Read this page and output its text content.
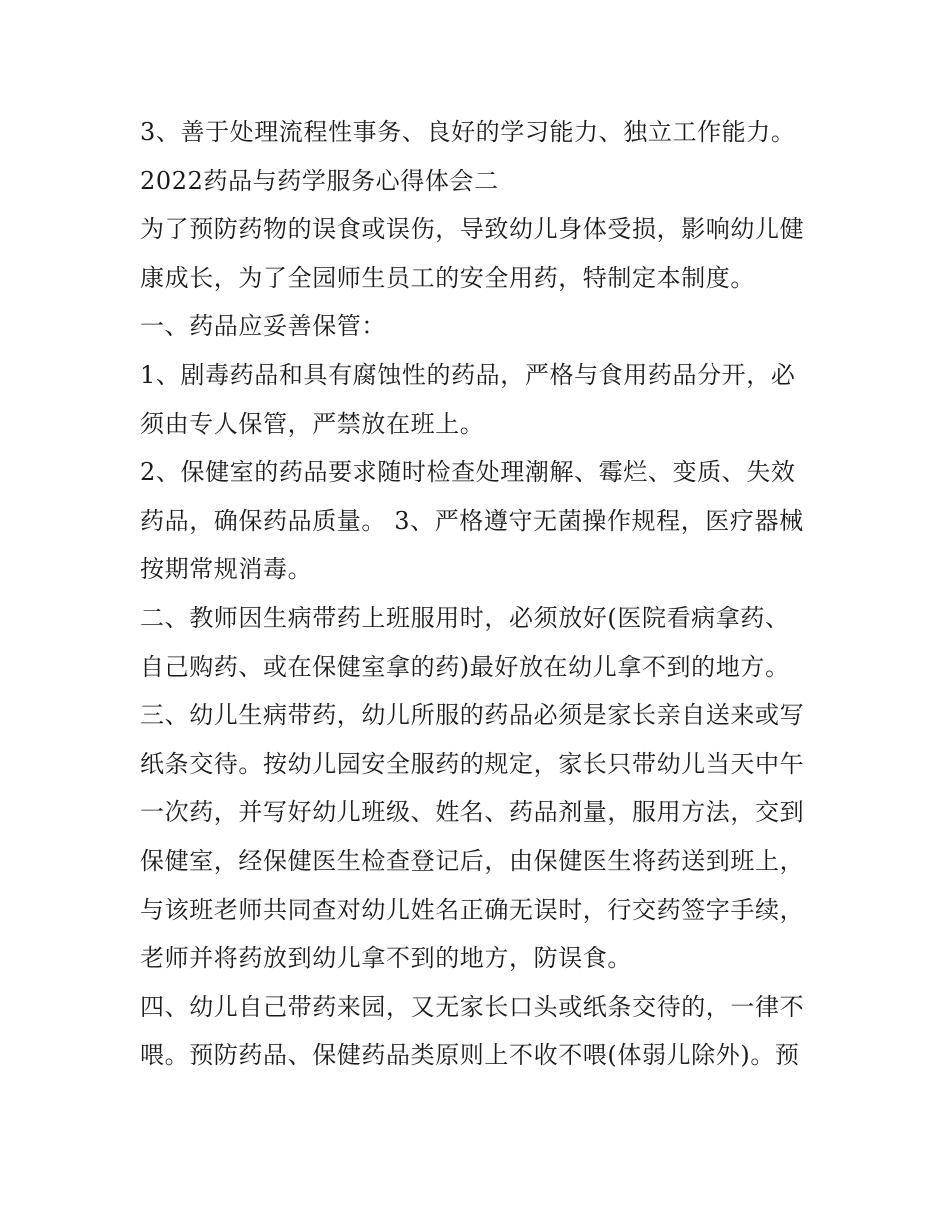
3、善于处理流程性事务、良好的学习能力、独立工作能力。
2022药品与药学服务心得体会二
为了预防药物的误食或误伤，导致幼儿身体受损，影响幼儿健
康成长，为了全园师生员工的安全用药，特制定本制度。
一、药品应妥善保管：
1、剧毒药品和具有腐蚀性的药品，严格与食用药品分开，必
须由专人保管，严禁放在班上。
2、保健室的药品要求随时检查处理潮解、霉烂、变质、失效
药品，确保药品质量。 3、严格遵守无菌操作规程，医疗器械
按期常规消毒。
二、教师因生病带药上班服用时，必须放好(医院看病拿药、
自己购药、或在保健室拿的药)最好放在幼儿拿不到的地方。
三、幼儿生病带药，幼儿所服的药品必须是家长亲自送来或写
纸条交待。按幼儿园安全服药的规定，家长只带幼儿当天中午
一次药，并写好幼儿班级、姓名、药品剂量，服用方法，交到
保健室，经保健医生检查登记后，由保健医生将药送到班上，
与该班老师共同查对幼儿姓名正确无误时，行交药签字手续，
老师并将药放到幼儿拿不到的地方，防误食。
四、幼儿自己带药来园，又无家长口头或纸条交待的，一律不
喂。预防药品、保健药品类原则上不收不喂(体弱儿除外)。预
